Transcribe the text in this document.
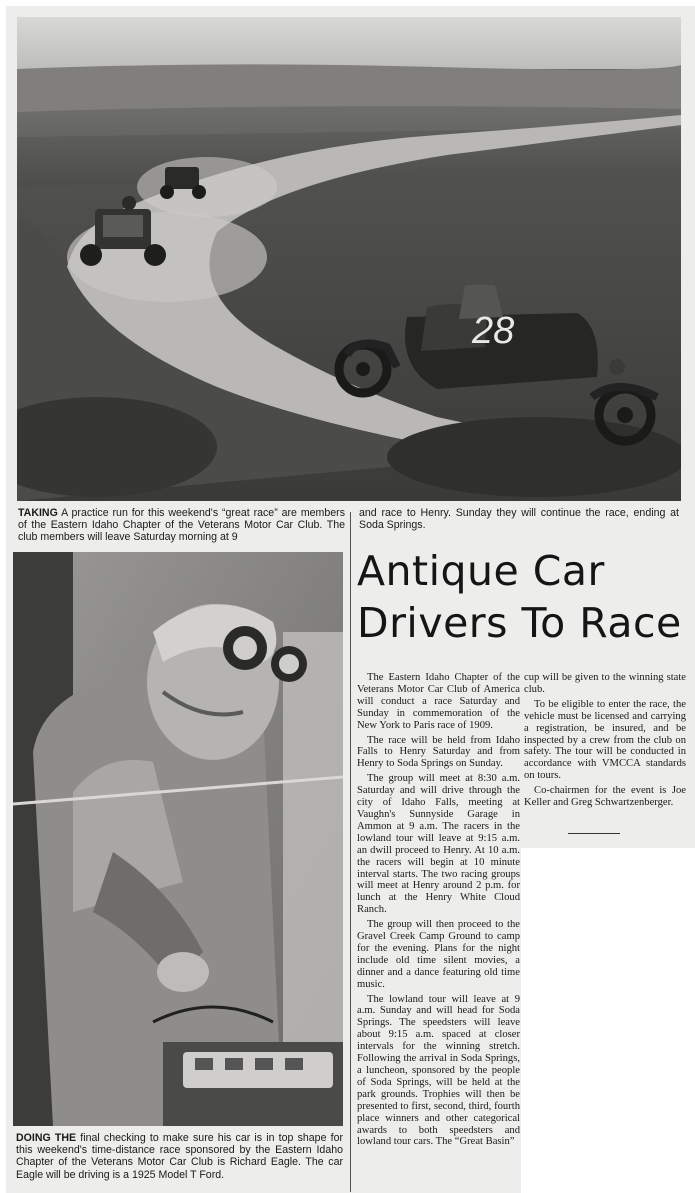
28

TAKING A practice run for this weekend's “great race” are members of the Eastern Idaho Chapter of the Veterans Motor Car Club. The club members will leave Saturday morning at 9

and race to Henry. Sunday they will continue the race, ending at Soda Springs.

DOING THE final checking to make sure his car is in top shape for this weekend's time-distance race sponsored by the Eastern Idaho Chapter of the Veterans Motor Car Club is Richard Eagle. The car Eagle will be driving is a 1925 Model T Ford.

Antique Car
Drivers To Race

The Eastern Idaho Chapter of the Veterans Motor Car Club of America will conduct a race Saturday and Sunday in commemoration of the New York to Paris race of 1909.

The race will be held from Idaho Falls to Henry Saturday and from Henry to Soda Springs on Sunday.

The group will meet at 8:30 a.m. Saturday and will drive through the city of Idaho Falls, meeting at Vaughn's Sunnyside Garage in Ammon at 9 a.m. The racers in the lowland tour will leave at 9:15 a.m. an dwill proceed to Henry. At 10 a.m. the racers will begin at 10 minute interval starts. The two racing groups will meet at Henry around 2 p.m. for lunch at the Henry White Cloud Ranch.

The group will then proceed to the Gravel Creek Camp Ground to camp for the evening. Plans for the night include old time silent movies, a dinner and a dance featuring old time music.

The lowland tour will leave at 9 a.m. Sunday and will head for Soda Springs. The speedsters will leave about 9:15 a.m. spaced at closer intervals for the winning stretch. Following the arrival in Soda Springs, a luncheon, sponsored by the people of Soda Springs, will be held at the park grounds. Trophies will then be presented to first, second, third, fourth place winners and other categorical awards to both speedsters and lowland tour cars. The “Great Basin”

cup will be given to the winning state club.

To be eligible to enter the race, the vehicle must be licensed and carrying a registration, be insured, and be inspected by a crew from the club on safety. The tour will be conducted in accordance with VMCCA standards on tours.

Co-chairmen for the event is Joe Keller and Greg Schwartzenberger.
